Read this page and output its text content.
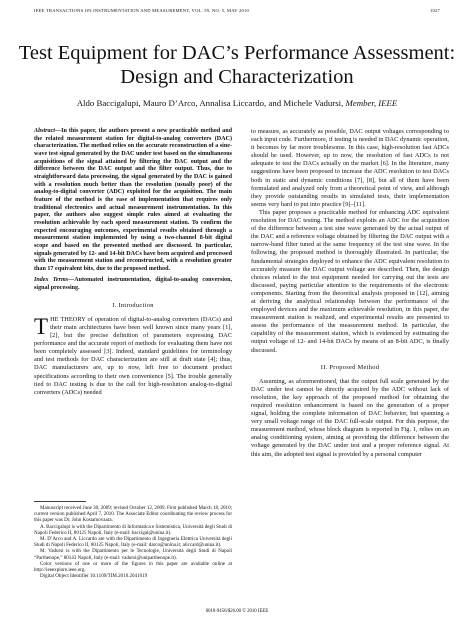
IEEE TRANSACTIONS ON INSTRUMENTATION AND MEASUREMENT, VOL. 59, NO. 5, MAY 2010	1027
Test Equipment for DAC’s Performance Assessment:
Design and Characterization
Aldo Baccigalupi, Mauro D’Arco, Annalisa Liccardo, and Michele Vadursi, Member, IEEE
Abstract—In this paper, the authors present a new practicable method and the related measurement station for digital-to-analog converters (DAC) characterization. The method relies on the accurate reconstruction of a sine-wave test signal generated by the DAC under test based on the simultaneous acquisitions of the signal attained by filtering the DAC output and the difference between the DAC output and the filter output. Thus, due to straightforward data processing, the signal generated by the DAC is gained with a resolution much better than the resolution (usually poor) of the analog-to-digital converter (ADC) exploited for the acquisition. The main feature of the method is the ease of implementation that requires only traditional electronics and actual measurement instrumentation. In this paper, the authors also suggest simple rules aimed at evaluating the resolution achievable by each speed measurement station. To confirm the expected encouraging outcomes, experimental results obtained through a measurement station implemented by using a two-channel 8-bit digital scope and based on the presented method are discussed. In particular, signals generated by 12- and 14-bit DACs have been acquired and processed with the measurement station and reconstructed, with a resolution greater than 17 equivalent bits, due to the proposed method.
Index Terms—Automated instrumentation, digital-to-analog conversion, signal processing.
I. Introduction

THE THEORY of operation of digital-to-analog converters (DACs) and their main architectures have been well known since many years [1], [2], but the precise definition of parameters expressing DAC performance and the accurate report of methods for evaluating them have not been completely assessed [3]. Indeed, standard guidelines for terminology and test methods for DAC characterization are still at draft state [4]; thus, DAC manufacturers are, up to now, left free to document product specifications according to their own convenience [5]. The trouble generally tied to DAC testing is due to the call for high-resolution analog-to-digital converters (ADCs) needed

Manuscript received June 30, 2009; revised October 12, 2009. First published March 18, 2010; current version published April 7, 2010. The Associate Editor coordinating the review process for this paper was Dr. John Kostamovaara.

A. Baccigalupi is with the Dipartimento di Informatica e Sistemistica, Università degli Studi di Napoli Federico II, 80125 Napoli, Italy (e-mail: baccigal@unina.it).

M. D’Arco and A. Liccardo are with the Dipartimento di Ingegneria Elettrica Università degli Studi di Napoli Federico II, 80125 Napoli, Italy (e-mail: darco@unina.it; aliccard@unina.it).

M. Vadursi is with the Dipartimento per le Tecnologie, Università degli Studi di Napoli “Parthenope,” 80143 Napoli, Italy (e-mail: vadursi@uniparthenope.it).

Color versions of one or more of the figures in this paper are available online at http://ieeexplore.ieee.org.

Digital Object Identifier 10.1109/TIM.2010.2041019

to measure, as accurately as possible, DAC output voltages corresponding to each input code. Furthermore, if testing is needed in DAC dynamic operation, it becomes by far more troublesome. In this case, high-resolution fast ADCs should be used. However, up to now, the resolution of fast ADCs is not adequate to test the DACs actually on the market [6]. In the literature, many suggestions have been proposed to increase the ADC resolution to test DACs both in static and dynamic conditions [7], [8], but all of them have been formulated and analyzed only from a theoretical point of view, and although they provide outstanding results in simulated tests, their implementation seems very hard to put into practice [9]–[11].

This paper proposes a practicable method for enhancing ADC equivalent resolution for DAC testing. The method exploits an ADC for the acquisition of the difference between a test sine wave generated by the actual output of the DAC and a reference voltage obtained by filtering the DAC output with a narrow-band filter tuned at the same frequency of the test sine wave. In the following, the proposed method is thoroughly illustrated. In particular, the fundamental strategies deployed to enhance the ADC equivalent resolution to accurately measure the DAC output voltage are described. Then, the design choices related to the test equipment needed for carrying out the tests are discussed, paying particular attention to the requirements of the electronic components. Starting from the theoretical analysis proposed in [12], aiming at deriving the analytical relationship between the performance of the employed devices and the maximum achievable resolution, in this paper, the measurement station is realized, and experimental results are presented to assess the performance of the measurement method. In particular, the capability of the measurement station, which is evidenced by estimating the output voltage of 12- and 14-bit DACs by means of an 8-bit ADC, is finally discussed.

II. Proposed Method

Assuming, as aforementioned, that the output full scale generated by the DAC under test cannot be directly acquired by the ADC without lack of resolution, the key approach of the proposed method for obtaining the required resolution enhancement is based on the generation of a proper signal, holding the complete information of DAC behavior, but spanning a very small voltage range of the DAC full-scale output. For this purpose, the measurement method, whose block diagram is reported in Fig. 1, relies on an analog conditioning system, aiming at providing the difference between the voltage generated by the DAC under test and a proper reference signal. At this aim, the adopted test signal is provided by a personal computer

0018-9456/$26.00 © 2010 IEEE
